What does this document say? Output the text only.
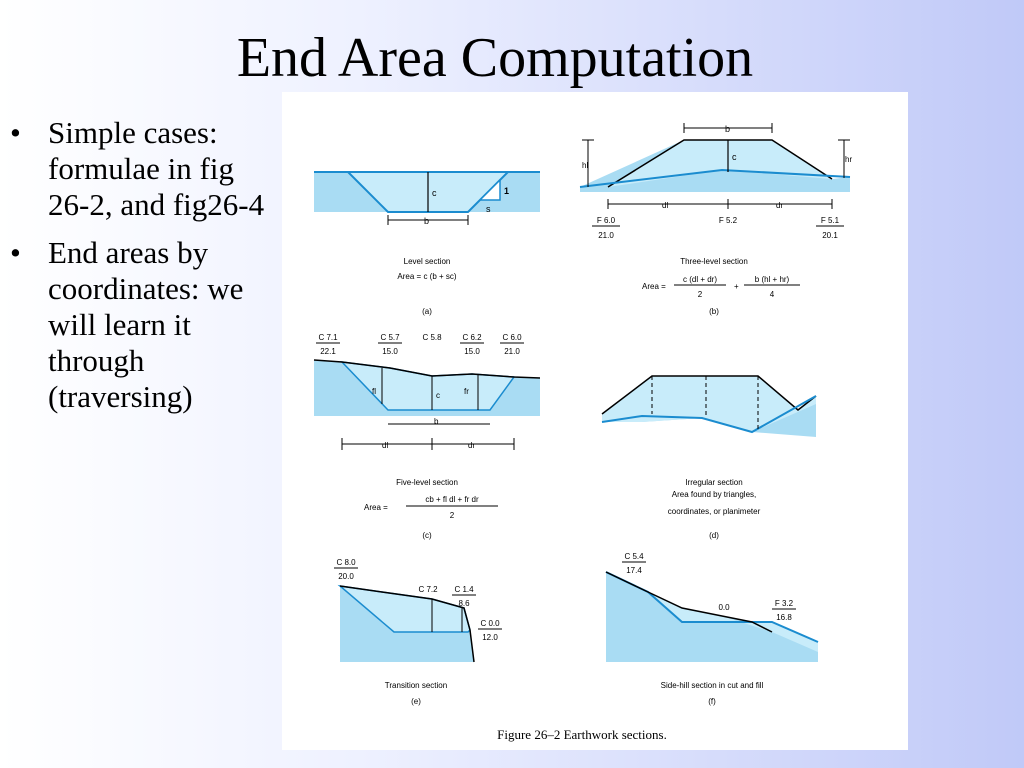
End Area Computation
• Simple cases: formulae in fig 26-2, and fig26-4
• End areas by coordinates: we will learn it through (traversing)
c
b
1
s
Level section
Area = c (b + sc)
(a)
c
b
hl
hr
dl	dr
F 6.0
21.0
F 5.2	F 5.1
20.1
Three-level section
Area =
c (dl + dr)
2
+
b (hl + hr)
4
(b)
C 7.1
22.1
C 5.7
15.0
C 5.8	C 6.2
15.0
C 6.0
21.0
fl	c	fr
b
dl	dr
Five-level section
Area =
cb + fl dl + fr dr
2
(c)
Irregular section
Area found by triangles,
coordinates, or planimeter
(d)
C 8.0
20.0
C 7.2 C 1.4
8.6
C 0.0
12.0
Transition section
(e)
C 5.4
17.4
0.0	F 3.2
16.8
Side-hill section in cut and fill
(f)
Figure 26–2 Earthwork sections.
